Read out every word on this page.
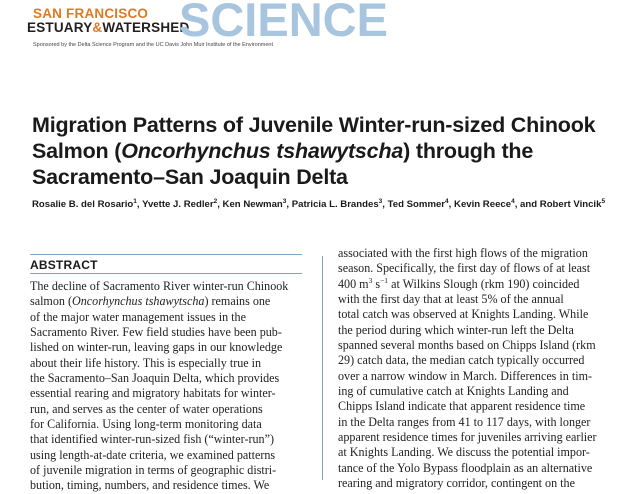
SAN FRANCISCO
ESTUARY&WATERSHED
SCIENCE
Sponsored by the Delta Science Program and the UC Davis John Muir Institute of the Environment
Migration Patterns of Juvenile Winter-run-sized Chinook
Salmon (Oncorhynchus tshawytscha) through the
Sacramento–San Joaquin Delta
Rosalie B. del Rosario$^1$, Yvette J. Redler$^2$, Ken Newman$^3$, Patricia L. Brandes$^3$, Ted Sommer$^4$, Kevin Reece$^4$, and Robert Vincik$^5$
ABSTRACT
The decline of Sacramento River winter-run Chinook
salmon (Oncorhynchus tshawytscha) remains one
of the major water management issues in the
Sacramento River. Few field studies have been pub-
lished on winter-run, leaving gaps in our knowledge
about their life history. This is especially true in
the Sacramento–San Joaquin Delta, which provides
essential rearing and migratory habitats for winter-
run, and serves as the center of water operations
for California. Using long-term monitoring data
that identified winter-run-sized fish (“winter-run”)
using length-at-date criteria, we examined patterns
of juvenile migration in terms of geographic distri-
bution, timing, numbers, and residence times. We
associated with the first high flows of the migration
season. Specifically, the first day of flows of at least
400 $m^3$ $s^{-1}$ at Wilkins Slough (rkm 190) coincided
with the first day that at least 5% of the annual
total catch was observed at Knights Landing. While
the period during which winter-run left the Delta
spanned several months based on Chipps Island (rkm
29) catch data, the median catch typically occurred
over a narrow window in March. Differences in tim-
ing of cumulative catch at Knights Landing and
Chipps Island indicate that apparent residence time
in the Delta ranges from 41 to 117 days, with longer
apparent residence times for juveniles arriving earlier
at Knights Landing. We discuss the potential impor-
tance of the Yolo Bypass floodplain as an alternative
rearing and migratory corridor, contingent on the
